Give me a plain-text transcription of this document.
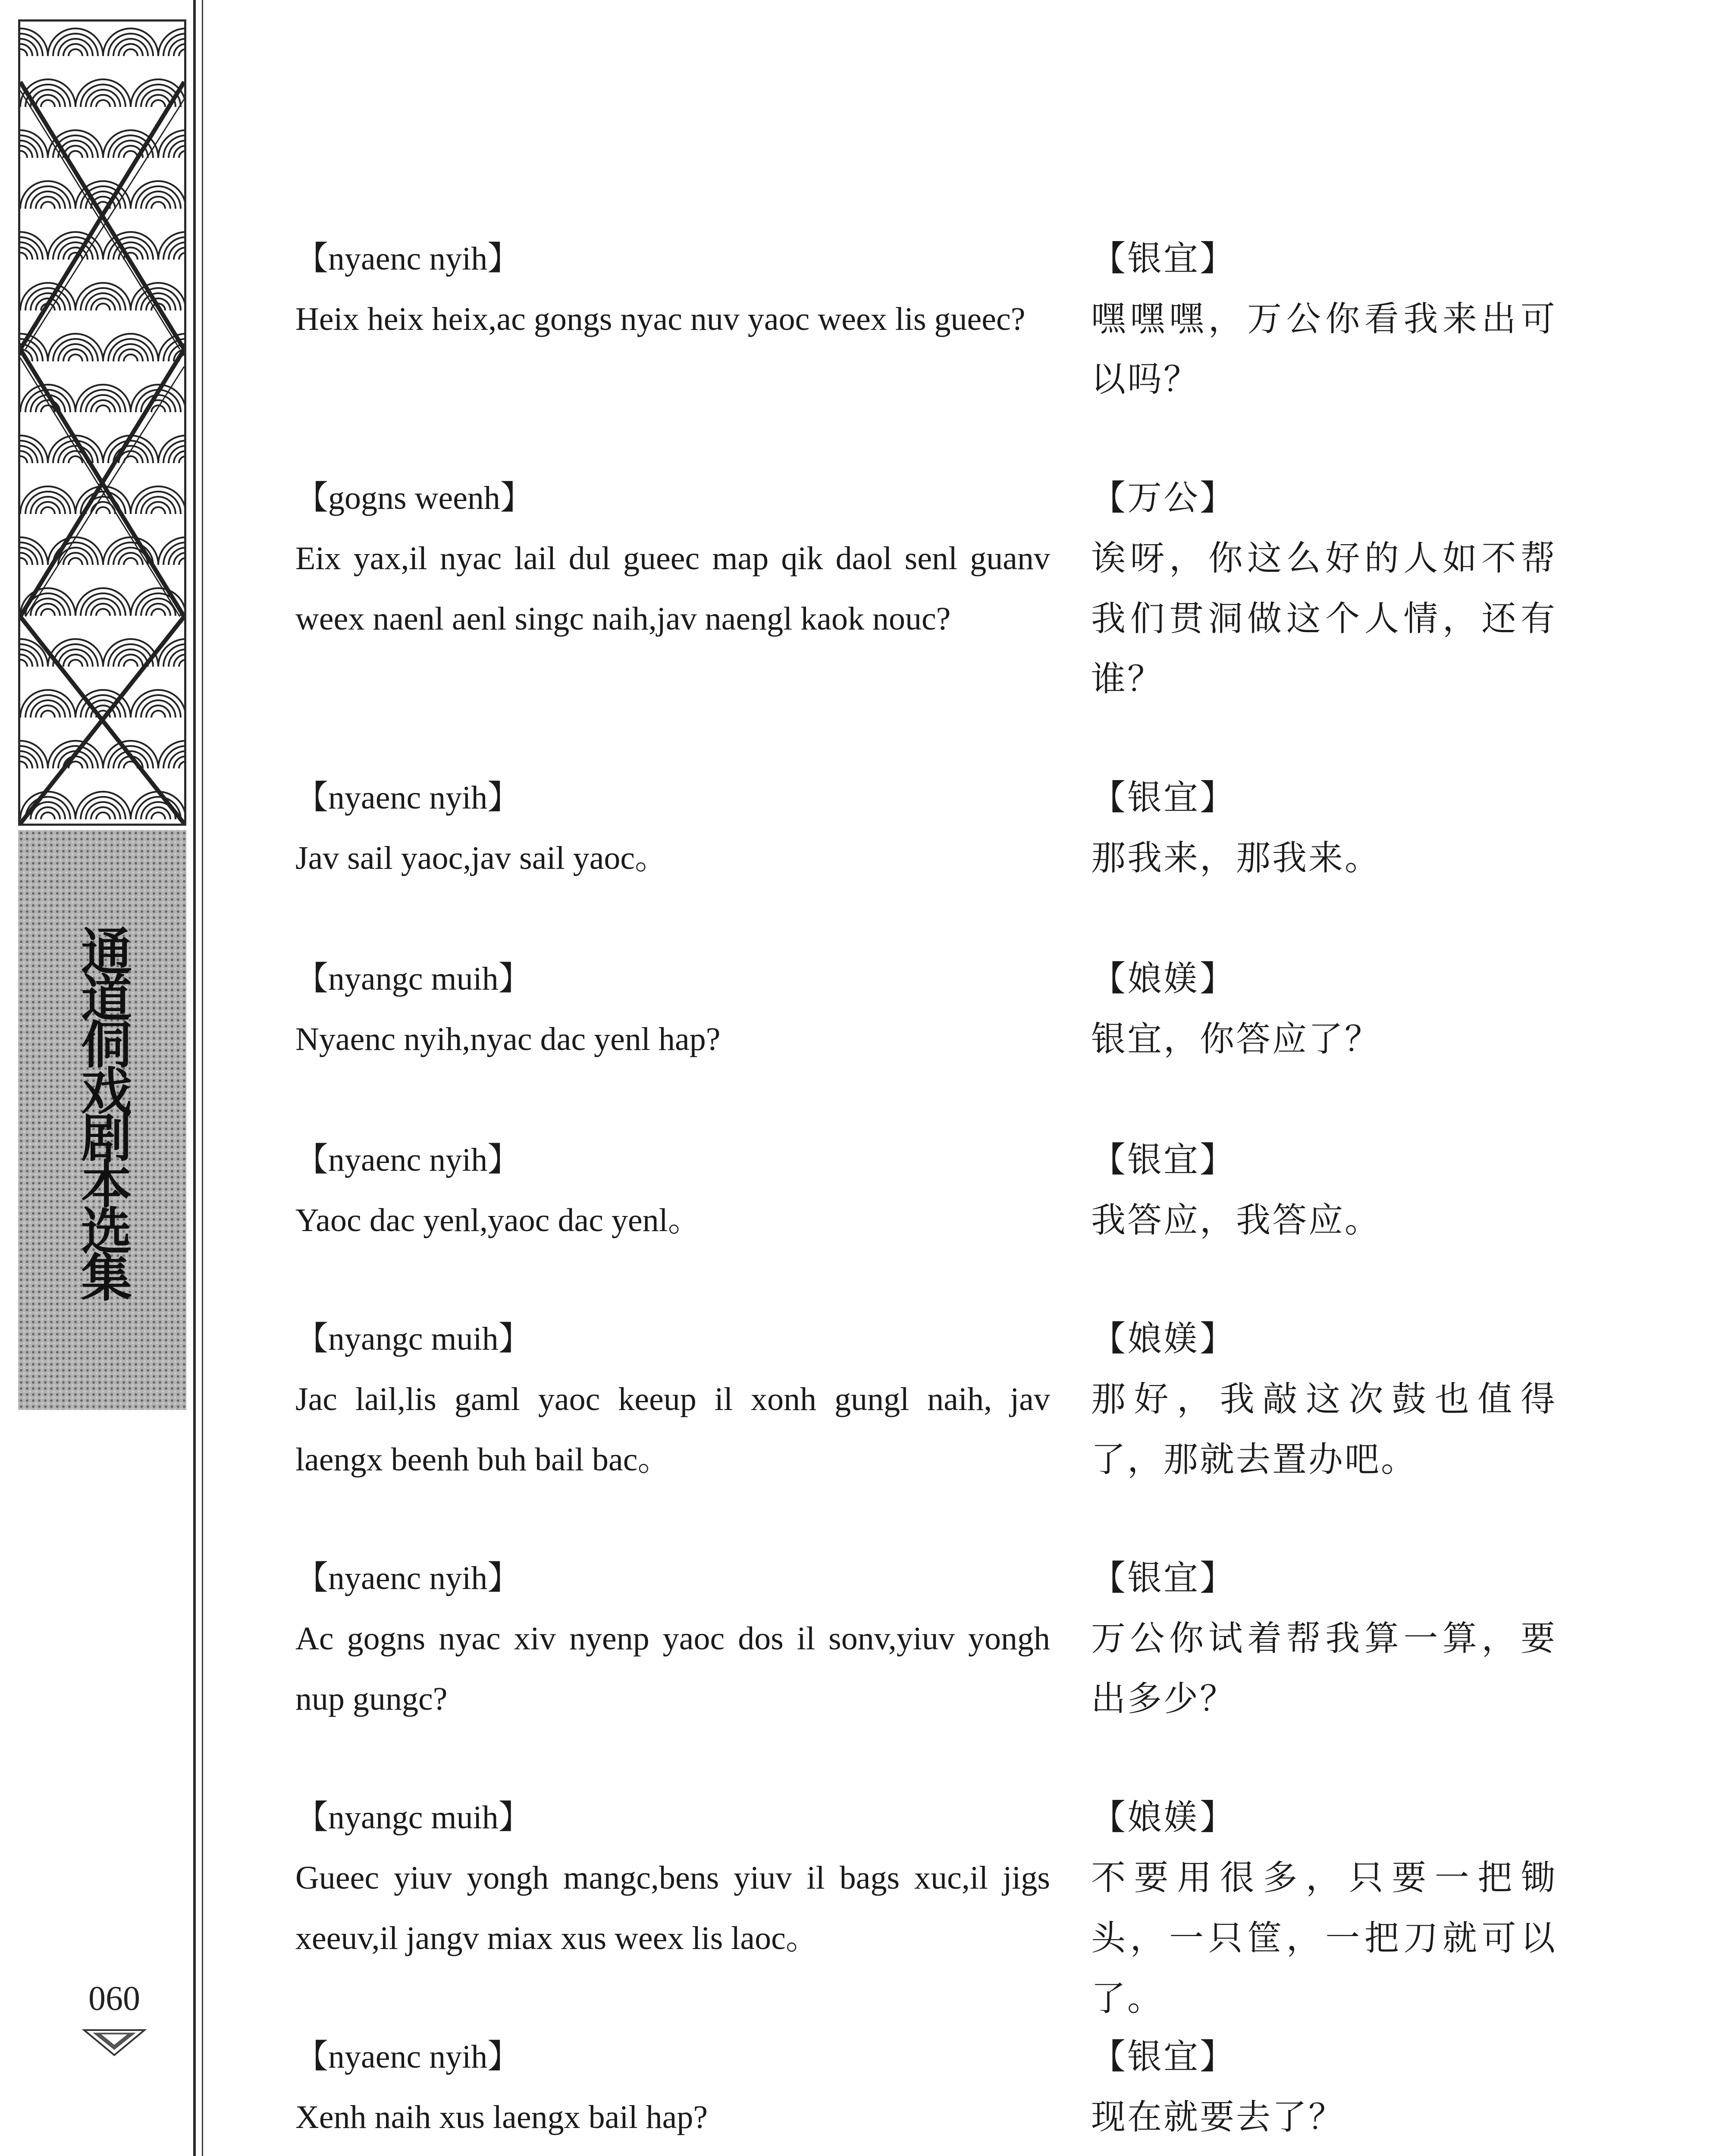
通道侗戏剧本选集
060
【nyaenc nyih】
Heix heix heix,ac gongs nyac nuv yaoc weex lis gueec?
【银宜】
嘿嘿嘿，万公你看我来出可以吗？
【gogns weenh】
Eix yax,il nyac lail dul gueec map qik daol senl guanv weex naenl aenl singc naih,jav naengl kaok nouc?
【万公】
诶呀，你这么好的人如不帮我们贯洞做这个人情，还有谁？
【nyaenc nyih】
Jav sail yaoc,jav sail yaoc。
【银宜】
那我来，那我来。
【nyangc muih】
Nyaenc nyih,nyac dac yenl hap?
【娘媄】
银宜，你答应了？
【nyaenc nyih】
Yaoc dac yenl,yaoc dac yenl。
【银宜】
我答应，我答应。
【nyangc muih】
Jac lail,lis gaml yaoc keeup il xonh gungl naih, jav laengx beenh buh bail bac。
【娘媄】
那好，我敲这次鼓也值得了，那就去置办吧。
【nyaenc nyih】
Ac gogns nyac xiv nyenp yaoc dos il sonv,yiuv yongh nup gungc?
【银宜】
万公你试着帮我算一算，要出多少？
【nyangc muih】
Gueec yiuv yongh mangc,bens yiuv il bags xuc,il jigs xeeuv,il jangv miax xus weex lis laoc。
【娘媄】
不要用很多，只要一把锄头，一只筐，一把刀就可以了。
【nyaenc nyih】
Xenh naih xus laengx bail hap?
【银宜】
现在就要去了？
